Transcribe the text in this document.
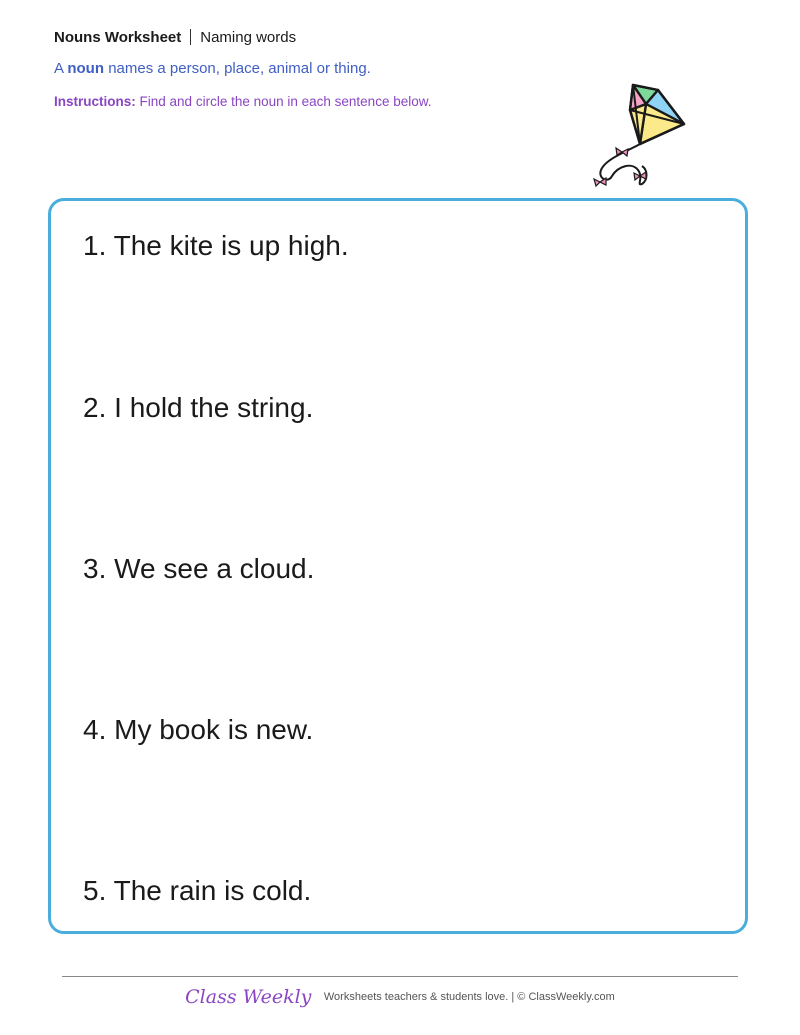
Nouns Worksheet Naming words
A noun names a person, place, animal or thing.
Instructions: Find and circle the noun in each sentence below.
1. The kite is up high.
2. I hold the string.
3. We see a cloud.
4. My book is new.
5. The rain is cold.
Class Weekly Worksheets teachers & students love. | © ClassWeekly.com
